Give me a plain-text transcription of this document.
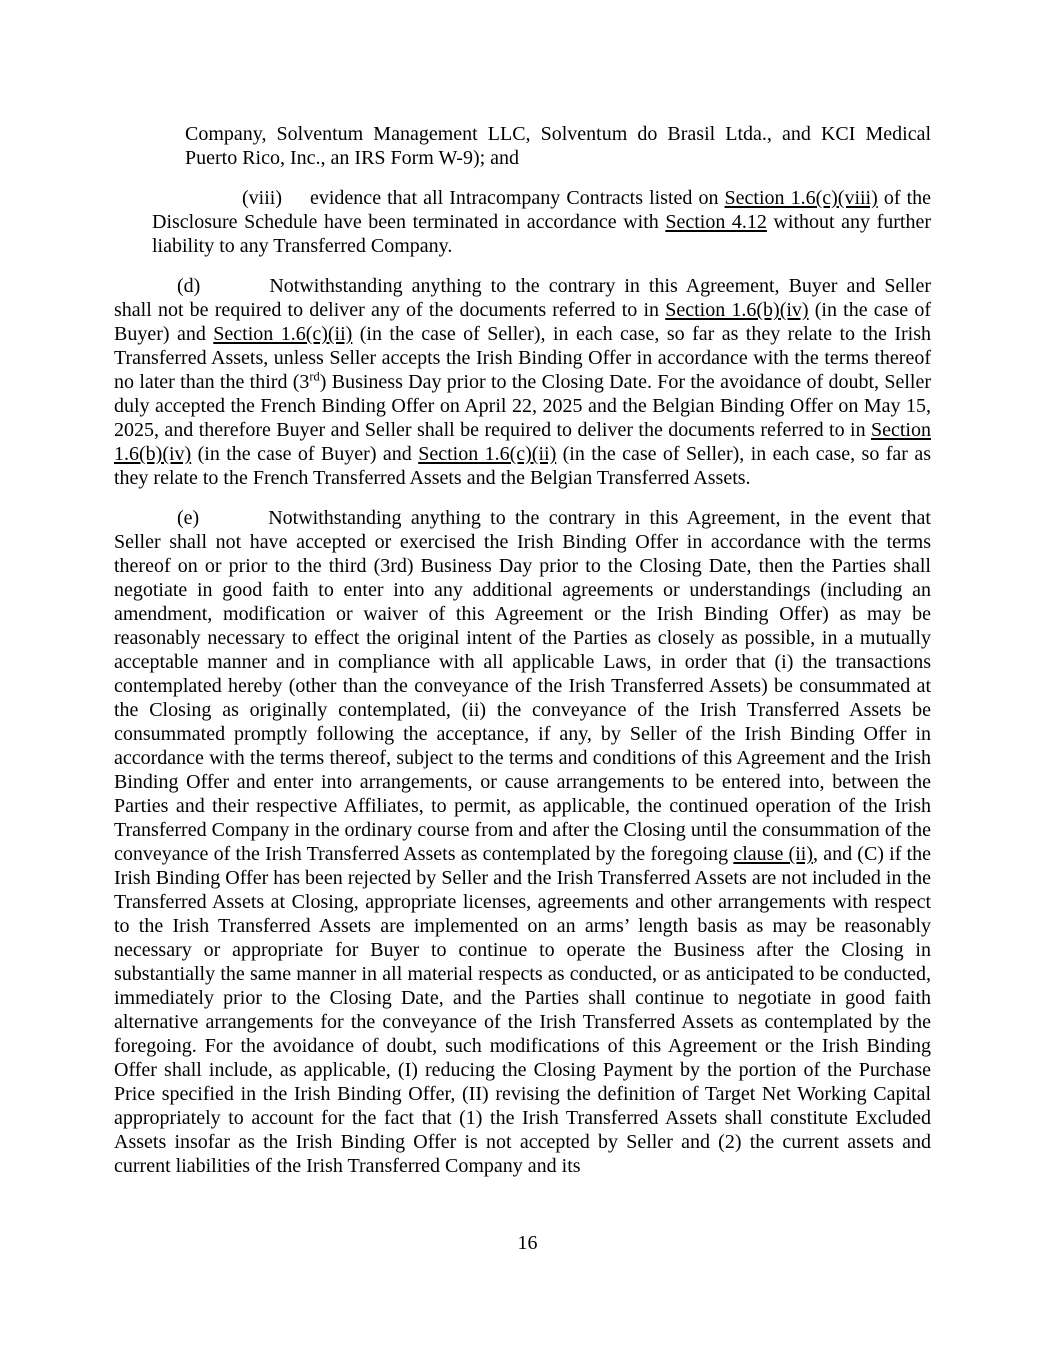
Company, Solventum Management LLC, Solventum do Brasil Ltda., and KCI Medical Puerto Rico, Inc., an IRS Form W-9); and

(viii) evidence that all Intracompany Contracts listed on Section 1.6(c)(viii) of the Disclosure Schedule have been terminated in accordance with Section 4.12 without any further liability to any Transferred Company.

(d)	Notwithstanding anything to the contrary in this Agreement, Buyer and Seller shall not be required to deliver any of the documents referred to in Section 1.6(b)(iv) (in the case of Buyer) and Section 1.6(c)(ii) (in the case of Seller), in each case, so far as they relate to the Irish Transferred Assets, unless Seller accepts the Irish Binding Offer in accordance with the terms thereof no later than the third (3rd) Business Day prior to the Closing Date. For the avoidance of doubt, Seller duly accepted the French Binding Offer on April 22, 2025 and the Belgian Binding Offer on May 15, 2025, and therefore Buyer and Seller shall be required to deliver the documents referred to in Section 1.6(b)(iv) (in the case of Buyer) and Section 1.6(c)(ii) (in the case of Seller), in each case, so far as they relate to the French Transferred Assets and the Belgian Transferred Assets.

(e)	Notwithstanding anything to the contrary in this Agreement, in the event that Seller shall not have accepted or exercised the Irish Binding Offer in accordance with the terms thereof on or prior to the third (3rd) Business Day prior to the Closing Date, then the Parties shall negotiate in good faith to enter into any additional agreements or understandings (including an amendment, modification or waiver of this Agreement or the Irish Binding Offer) as may be reasonably necessary to effect the original intent of the Parties as closely as possible, in a mutually acceptable manner and in compliance with all applicable Laws, in order that (i) the transactions contemplated hereby (other than the conveyance of the Irish Transferred Assets) be consummated at the Closing as originally contemplated, (ii) the conveyance of the Irish Transferred Assets be consummated promptly following the acceptance, if any, by Seller of the Irish Binding Offer in accordance with the terms thereof, subject to the terms and conditions of this Agreement and the Irish Binding Offer and enter into arrangements, or cause arrangements to be entered into, between the Parties and their respective Affiliates, to permit, as applicable, the continued operation of the Irish Transferred Company in the ordinary course from and after the Closing until the consummation of the conveyance of the Irish Transferred Assets as contemplated by the foregoing clause (ii), and (C) if the Irish Binding Offer has been rejected by Seller and the Irish Transferred Assets are not included in the Transferred Assets at Closing, appropriate licenses, agreements and other arrangements with respect to the Irish Transferred Assets are implemented on an arms’ length basis as may be reasonably necessary or appropriate for Buyer to continue to operate the Business after the Closing in substantially the same manner in all material respects as conducted, or as anticipated to be conducted, immediately prior to the Closing Date, and the Parties shall continue to negotiate in good faith alternative arrangements for the conveyance of the Irish Transferred Assets as contemplated by the foregoing. For the avoidance of doubt, such modifications of this Agreement or the Irish Binding Offer shall include, as applicable, (I) reducing the Closing Payment by the portion of the Purchase Price specified in the Irish Binding Offer, (II) revising the definition of Target Net Working Capital appropriately to account for the fact that (1) the Irish Transferred Assets shall constitute Excluded Assets insofar as the Irish Binding Offer is not accepted by Seller and (2) the current assets and current liabilities of the Irish Transferred Company and its

16
